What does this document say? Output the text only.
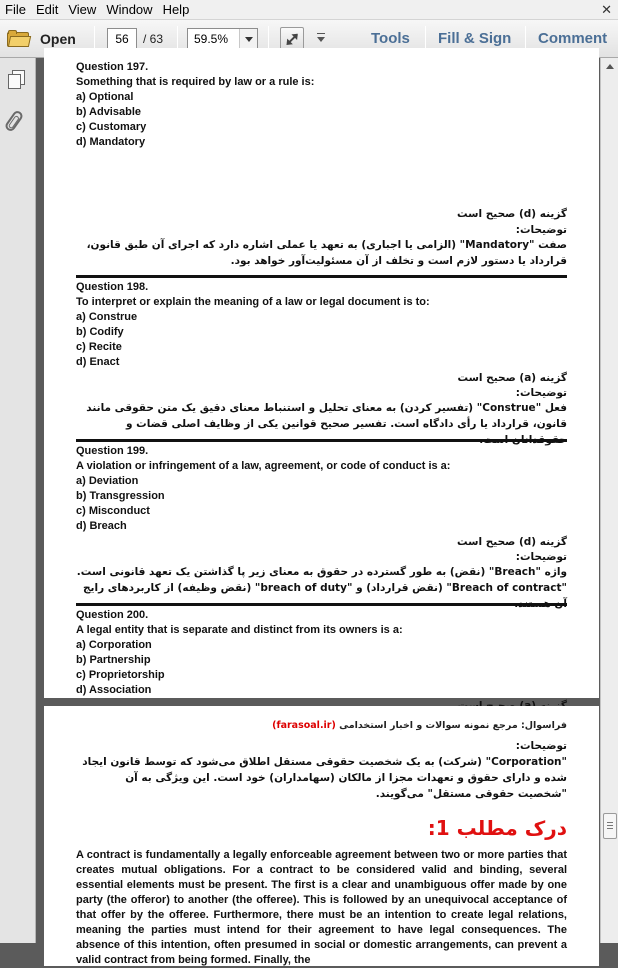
File Edit View Window Help	✕
Open	56	/ 63	59.5%	Tools Fill & Sign Comment
Question 197.
Something that is required by law or a rule is:
a) Optional
b) Advisable
c) Customary
d) Mandatory
گزینه (d) صحیح است
توضیحات:
صفت "Mandatory" (الزامی یا اجباری) به تعهد یا عملی اشاره دارد که اجرای آن طبق قانون، قرارداد یا دستور لازم است و تخلف از آن مسئولیت‌آور خواهد بود.
Question 198.
To interpret or explain the meaning of a law or legal document is to:
a) Construe
b) Codify
c) Recite
d) Enact
گزینه (a) صحیح است
توضیحات:
فعل "Construe" (تفسیر کردن) به معنای تحلیل و استنباط معنای دقیق یک متن حقوقی مانند قانون، قرارداد یا رأی دادگاه است. تفسیر صحیح قوانین یکی از وظایف اصلی قضات و
Question 199.
A violation or infringement of a law, agreement, or code of conduct is a:
a) Deviation
b) Transgression
c) Misconduct
d) Breach
گزینه (d) صحیح است
توضیحات:
واژه "Breach" (نقض) به طور گسترده در حقوق به معنای زیر پا گذاشتن یک تعهد قانونی است. "Breach of contract" (نقض قرارداد) و "breach of duty" (نقض وظیفه) از کاربردهای رایج
Question 200.
A legal entity that is separate and distinct from its owners is a:
a) Corporation
b) Partnership
c) Proprietorship
d) Association
فراسوال: مرجع نمونه سوالات و اخبار استخدامی (farasoal.ir)
توضیحات:
"Corporation" (شرکت) به یک شخصیت حقوقی مستقل اطلاق می‌شود که توسط قانون ایجاد شده و دارای حقوق و تعهدات مجزا از مالکان (سهامداران) خود است. این ویژگی به آن "شخصیت حقوقی مستقل" می‌گویند.
درک مطلب 1:
A contract is fundamentally a legally enforceable agreement between two or more parties that creates mutual obligations. For a contract to be considered valid and binding, several essential elements must be present. The first is a clear and unambiguous offer made by one party (the offeror) to another (the offeree). This is followed by an unequivocal acceptance of that offer by the offeree. Furthermore, there must be an intention to create legal relations, meaning the parties must intend for their agreement to have legal consequences. The absence of this intention, often presumed in social or domestic arrangements, can prevent a valid contract from being formed. Finally, the
